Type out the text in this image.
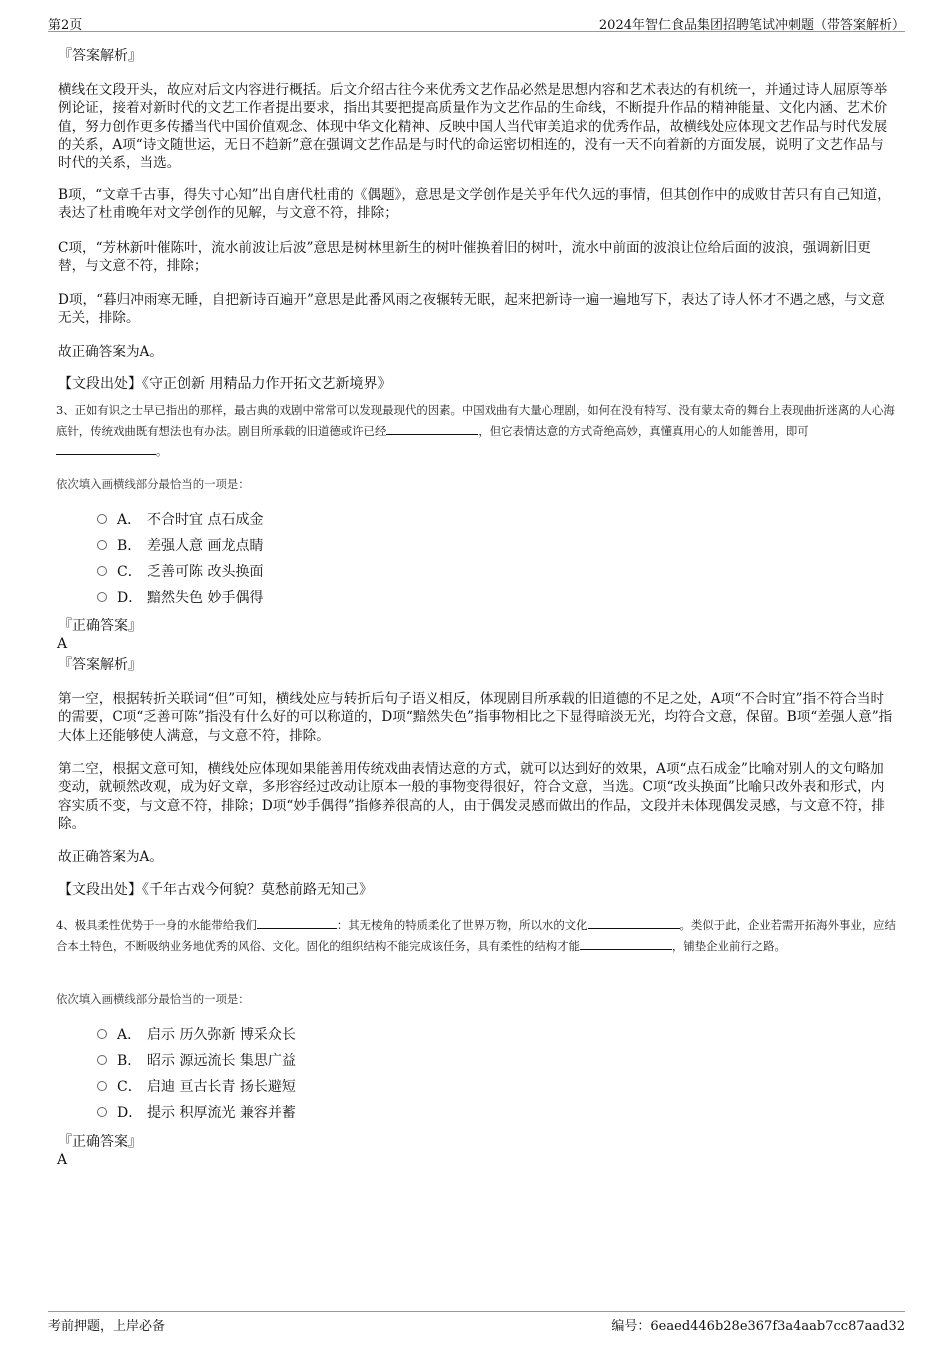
第2页	2024年智仁食品集团招聘笔试冲刺题（带答案解析）
『答案解析』
横线在文段开头，故应对后文内容进行概括。后文介绍古往今来优秀文艺作品必然是思想内容和艺术表达的有机统一，并通过诗人屈原等举例论证，接着对新时代的文艺工作者提出要求，指出其要把提高质量作为文艺作品的生命线，不断提升作品的精神能量、文化内涵、艺术价值，努力创作更多传播当代中国价值观念、体现中华文化精神、反映中国人当代审美追求的优秀作品，故横线处应体现文艺作品与时代发展的关系，A项“诗文随世运，无日不趋新”意在强调文艺作品是与时代的命运密切相连的，没有一天不向着新的方面发展，说明了文艺作品与时代的关系，当选。
B项，“文章千古事，得失寸心知”出自唐代杜甫的《偶题》，意思是文学创作是关乎年代久远的事情，但其创作中的成败甘苦只有自己知道，表达了杜甫晚年对文学创作的见解，与文意不符，排除；
C项，“芳林新叶催陈叶，流水前波让后波”意思是树林里新生的树叶催换着旧的树叶，流水中前面的波浪让位给后面的波浪，强调新旧更替，与文意不符，排除；
D项，“暮归冲雨寒无睡，自把新诗百遍开”意思是此番风雨之夜辗转无眠，起来把新诗一遍一遍地写下，表达了诗人怀才不遇之感，与文意无关，排除。
故正确答案为A。
【文段出处】《守正创新 用精品力作开拓文艺新境界》
3、正如有识之士早已指出的那样，最古典的戏剧中常常可以发现最现代的因素。中国戏曲有大量心理剧，如何在没有特写、没有蒙太奇的舞台上表现曲折迷离的人心海底针，传统戏曲既有想法也有办法。剧目所承载的旧道德或许已经	，但它表情达意的方式奇绝高妙，真懂真用心的人如能善用，即可。
依次填入画横线部分最恰当的一项是：
A． 不合时宜 点石成金
B． 差强人意 画龙点睛
C． 乏善可陈 改头换面
D． 黯然失色 妙手偶得
『正确答案』
A
『答案解析』
第一空，根据转折关联词“但”可知，横线处应与转折后句子语义相反，体现剧目所承载的旧道德的不足之处，A项“不合时宜”指不符合当时的需要，C项“乏善可陈”指没有什么好的可以称道的，D项“黯然失色”指事物相比之下显得暗淡无光，均符合文意，保留。B项“差强人意”指大体上还能够使人满意，与文意不符，排除。
第二空，根据文意可知，横线处应体现如果能善用传统戏曲表情达意的方式，就可以达到好的效果，A项“点石成金”比喻对别人的文句略加变动，就顿然改观，成为好文章，多形容经过改动让原本一般的事物变得很好，符合文意，当选。C项“改头换面”比喻只改外表和形式，内容实质不变，与文意不符，排除；D项“妙手偶得”指修养很高的人，由于偶发灵感而做出的作品，文段并未体现偶发灵感，与文意不符，排除。
故正确答案为A。
【文段出处】《千年古戏今何貌？莫愁前路无知己》
4、极具柔性优势于一身的水能带给我们	：其无棱角的特质柔化了世界万物，所以水的文化	。类似于此，企业若需开拓海外事业，应结合本土特色，不断吸纳业务地优秀的风俗、文化。固化的组织结构不能完成该任务，具有柔性的结构才能	，铺垫企业前行之路。
依次填入画横线部分最恰当的一项是：
A． 启示 历久弥新 博采众长
B． 昭示 源远流长 集思广益
C． 启迪 亘古长青 扬长避短
D． 提示 积厚流光 兼容并蓄
『正确答案』
A
考前押题，上岸必备	编号：6eaed446b28e367f3a4aab7cc87aad32
